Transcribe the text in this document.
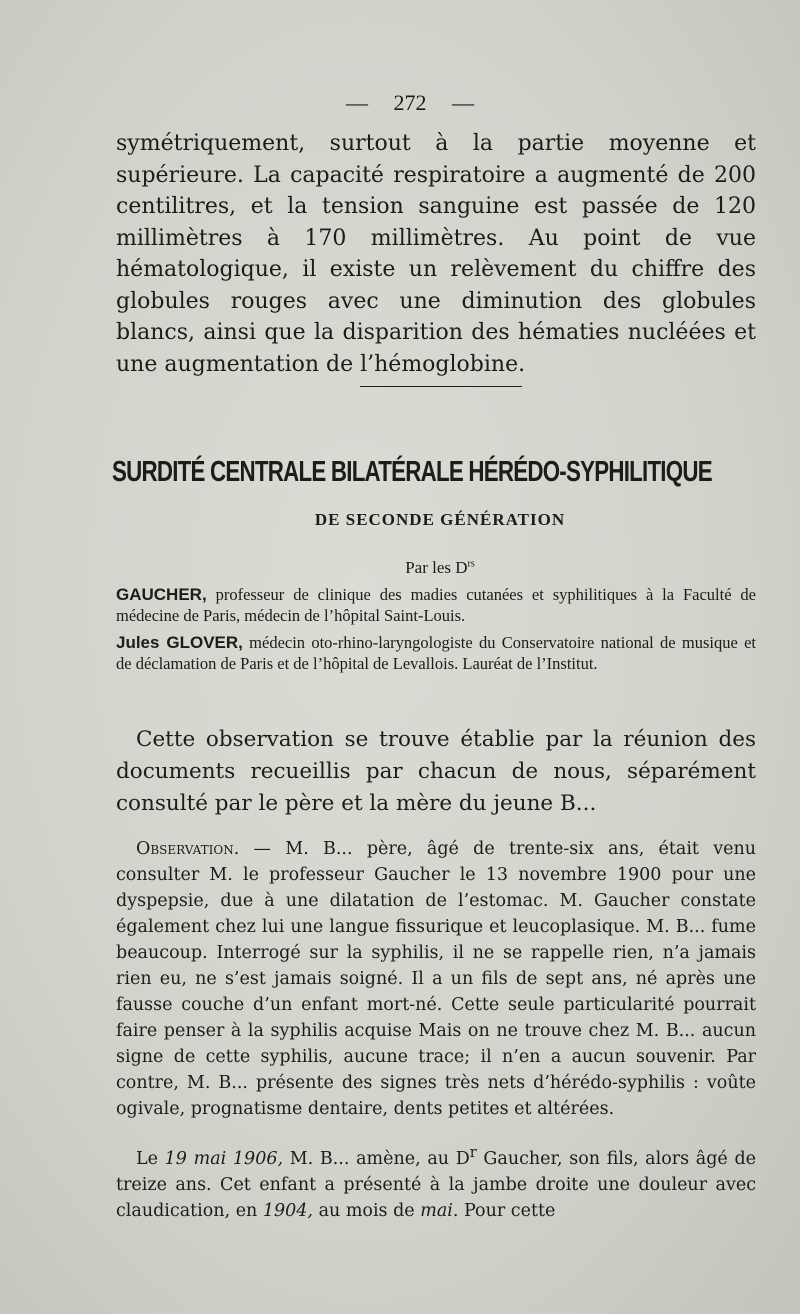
— 272 —

symétriquement, surtout à la partie moyenne et supérieure. La capacité respiratoire a augmenté de 200 centilitres, et la tension sanguine est passée de 120 millimètres à 170 millimètres. Au point de vue hématologique, il existe un relèvement du chiffre des globules rouges avec une diminution des globules blancs, ainsi que la disparition des hématies nucléées et une augmentation de l’hémoglobine.

SURDITÉ CENTRALE BILATÉRALE HÉRÉDO-SYPHILITIQUE
DE SECONDE GÉNÉRATION

Par les $D^{rs}$

GAUCHER, professeur de clinique des madies cutanées et syphilitiques à la Faculté de médecine de Paris, médecin de l’hôpital Saint-Louis.

Jules GLOVER, médecin oto-rhino-laryngologiste du Conservatoire national de musique et de déclamation de Paris et de l’hôpital de Levallois. Lauréat de l’Institut.

Cette observation se trouve établie par la réunion des documents recueillis par chacun de nous, séparément consulté par le père et la mère du jeune B...

Observation. — M. B... père, âgé de trente-six ans, était venu consulter M. le professeur Gaucher le 13 novembre 1900 pour une dyspepsie, due à une dilatation de l’estomac. M. Gaucher constate également chez lui une langue fissurique et leucoplasique. M. B... fume beaucoup. Interrogé sur la syphilis, il ne se rappelle rien, n’a jamais rien eu, ne s’est jamais soigné. Il a un fils de sept ans, né après une fausse couche d’un enfant mort-né. Cette seule particularité pourrait faire penser à la syphilis acquise Mais on ne trouve chez M. B... aucun signe de cette syphilis, aucune trace; il n’en a aucun souvenir. Par contre, M. B... présente des signes très nets d’hérédo-syphilis : voûte ogivale, prognatisme dentaire, dents petites et altérées.

Le 19 mai 1906, M. B... amène, au $D^r$ Gaucher, son fils, alors âgé de treize ans. Cet enfant a présenté à la jambe droite une douleur avec claudication, en 1904, au mois de mai. Pour cette
